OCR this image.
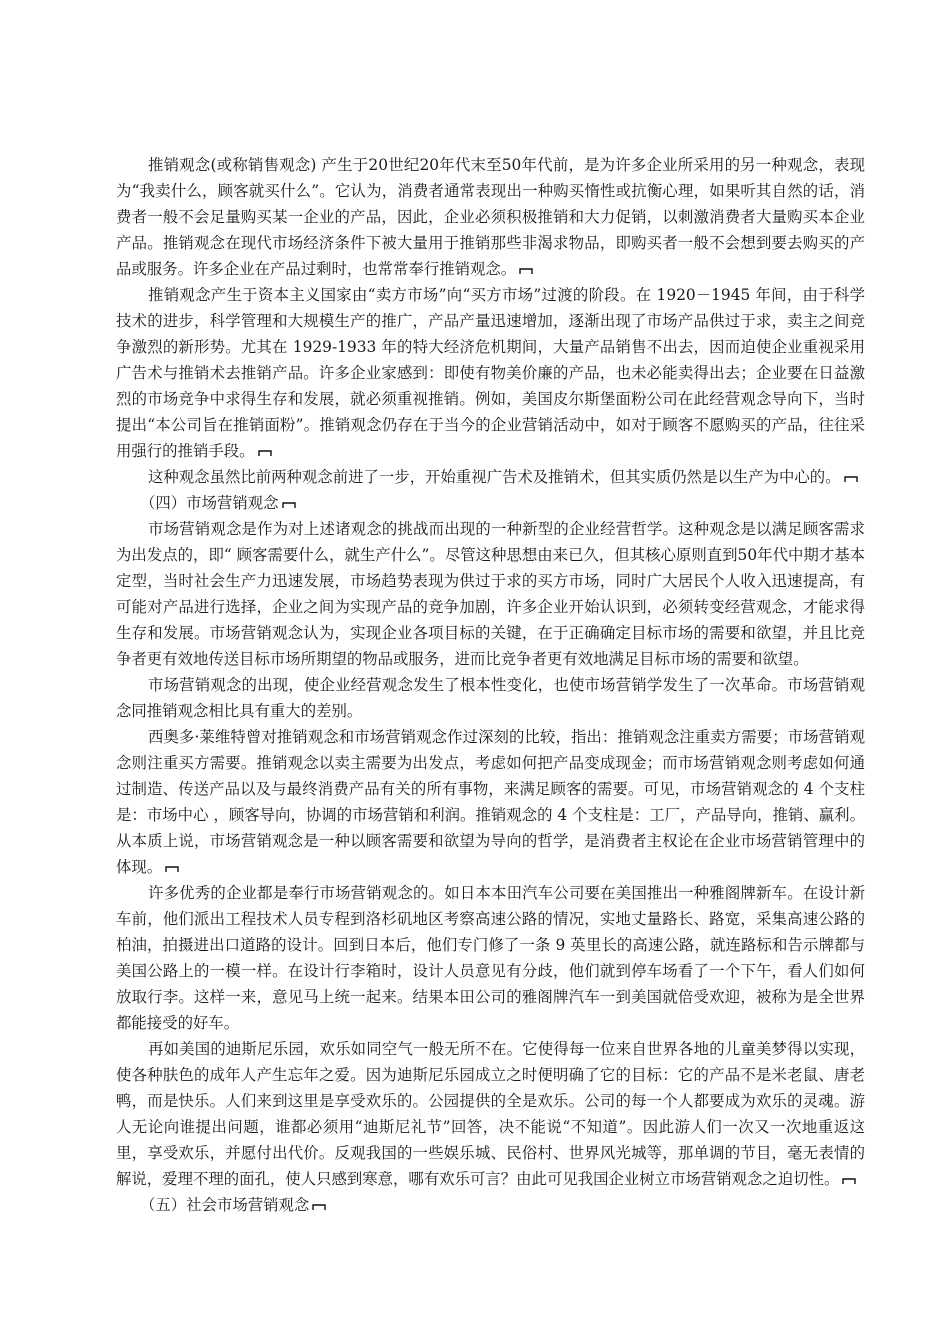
推销观念(或称销售观念) 产生于20世纪20年代末至50年代前，是为许多企业所采用的另一种观念，表现为“我卖什么，顾客就买什么”。它认为，消费者通常表现出一种购买惰性或抗衡心理，如果听其自然的话，消费者一般不会足量购买某一企业的产品，因此，企业必须积极推销和大力促销，以刺激消费者大量购买本企业产品。推销观念在现代市场经济条件下被大量用于推销那些非渴求物品，即购买者一般不会想到要去购买的产品或服务。许多企业在产品过剩时，也常常奉行推销观念。

推销观念产生于资本主义国家由“卖方市场”向“买方市场”过渡的阶段。在 1920－1945 年间，由于科学技术的进步，科学管理和大规模生产的推广，产品产量迅速增加，逐渐出现了市场产品供过于求，卖主之间竞争激烈的新形势。尤其在 1929-1933 年的特大经济危机期间，大量产品销售不出去，因而迫使企业重视采用广告术与推销术去推销产品。许多企业家感到：即使有物美价廉的产品，也未必能卖得出去；企业要在日益激烈的市场竞争中求得生存和发展，就必须重视推销。例如，美国皮尔斯堡面粉公司在此经营观念导向下，当时提出“本公司旨在推销面粉”。推销观念仍存在于当今的企业营销活动中，如对于顾客不愿购买的产品，往往采用强行的推销手段。

这种观念虽然比前两种观念前进了一步，开始重视广告术及推销术，但其实质仍然是以生产为中心的。

（四）市场营销观念

市场营销观念是作为对上述诸观念的挑战而出现的一种新型的企业经营哲学。这种观念是以满足顾客需求为出发点的，即“ 顾客需要什么，就生产什么”。尽管这种思想由来已久，但其核心原则直到50年代中期才基本定型，当时社会生产力迅速发展，市场趋势表现为供过于求的买方市场，同时广大居民个人收入迅速提高，有可能对产品进行选择，企业之间为实现产品的竞争加剧，许多企业开始认识到，必须转变经营观念，才能求得生存和发展。市场营销观念认为，实现企业各项目标的关键，在于正确确定目标市场的需要和欲望，并且比竞争者更有效地传送目标市场所期望的物品或服务，进而比竞争者更有效地满足目标市场的需要和欲望。

市场营销观念的出现，使企业经营观念发生了根本性变化，也使市场营销学发生了一次革命。市场营销观念同推销观念相比具有重大的差别。

西奥多·莱维特曾对推销观念和市场营销观念作过深刻的比较，指出：推销观念注重卖方需要；市场营销观念则注重买方需要。推销观念以卖主需要为出发点，考虑如何把产品变成现金；而市场营销观念则考虑如何通过制造、传送产品以及与最终消费产品有关的所有事物，来满足顾客的需要。可见，市场营销观念的 4 个支柱是：市场中心 ，顾客导向，协调的市场营销和利润。推销观念的 4 个支柱是：工厂，产品导向，推销、赢利。从本质上说，市场营销观念是一种以顾客需要和欲望为导向的哲学，是消费者主权论在企业市场营销管理中的体现。

许多优秀的企业都是奉行市场营销观念的。如日本本田汽车公司要在美国推出一种雅阁牌新车。在设计新车前，他们派出工程技术人员专程到洛杉矶地区考察高速公路的情况，实地丈量路长、路宽，采集高速公路的柏油，拍摄进出口道路的设计。回到日本后，他们专门修了一条 9 英里长的高速公路，就连路标和告示牌都与美国公路上的一模一样。在设计行李箱时，设计人员意见有分歧，他们就到停车场看了一个下午，看人们如何放取行李。这样一来，意见马上统一起来。结果本田公司的雅阁牌汽车一到美国就倍受欢迎，被称为是全世界都能接受的好车。

再如美国的迪斯尼乐园，欢乐如同空气一般无所不在。它使得每一位来自世界各地的儿童美梦得以实现，使各种肤色的成年人产生忘年之爱。因为迪斯尼乐园成立之时便明确了它的目标：它的产品不是米老鼠、唐老鸭，而是快乐。人们来到这里是享受欢乐的。公园提供的全是欢乐。公司的每一个人都要成为欢乐的灵魂。游人无论向谁提出问题，谁都必须用“迪斯尼礼节”回答，决不能说“不知道”。因此游人们一次又一次地重返这里，享受欢乐，并愿付出代价。反观我国的一些娱乐城、民俗村、世界风光城等，那单调的节目，毫无表情的解说，爱理不理的面孔，使人只感到寒意，哪有欢乐可言？由此可见我国企业树立市场营销观念之迫切性。

（五）社会市场营销观念
